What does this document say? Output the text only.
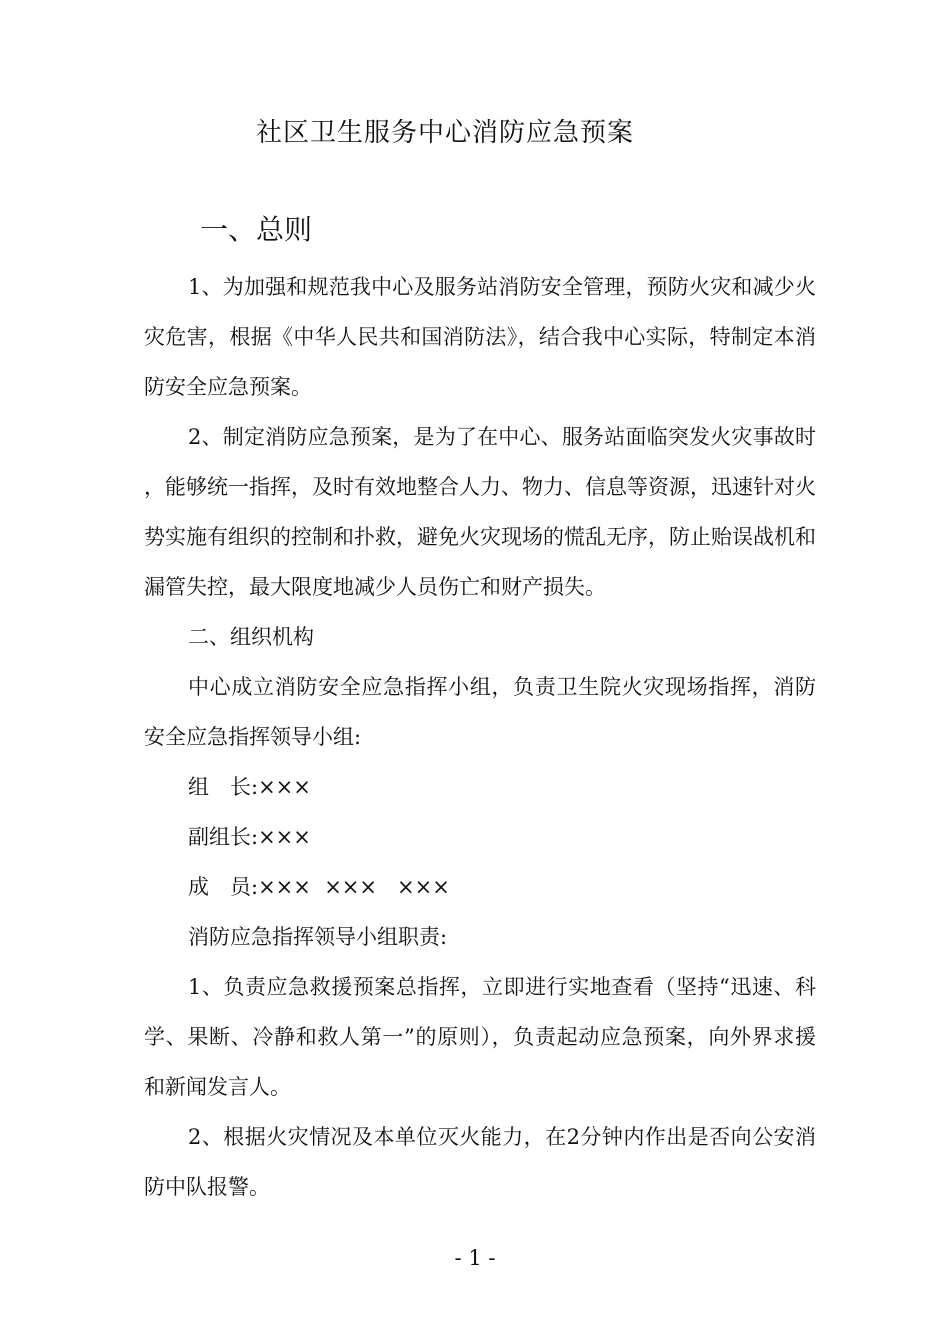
社区卫生服务中心消防应急预案
一、总则

1、为加强和规范我中心及服务站消防安全管理，预防火灾和减少火灾危害，根据《中华人民共和国消防法》，结合我中心实际，特制定本消防安全应急预案。

2、制定消防应急预案，是为了在中心、服务站面临突发火灾事故时，能够统一指挥，及时有效地整合人力、物力、信息等资源，迅速针对火势实施有组织的控制和扑救，避免火灾现场的慌乱无序，防止贻误战机和漏管失控，最大限度地减少人员伤亡和财产损失。

二、组织机构

中心成立消防安全应急指挥小组，负责卫生院火灾现场指挥，消防安全应急指挥领导小组:

组　长:×××

副组长:×××

成　员:×××  ×××   ×××

消防应急指挥领导小组职责:

1、负责应急救援预案总指挥，立即进行实地查看（坚持“迅速、科学、果断、冷静和救人第一”的原则），负责起动应急预案，向外界求援和新闻发言人。

2、根据火灾情况及本单位灭火能力，在2分钟内作出是否向公安消防中队报警。

- 1 -
